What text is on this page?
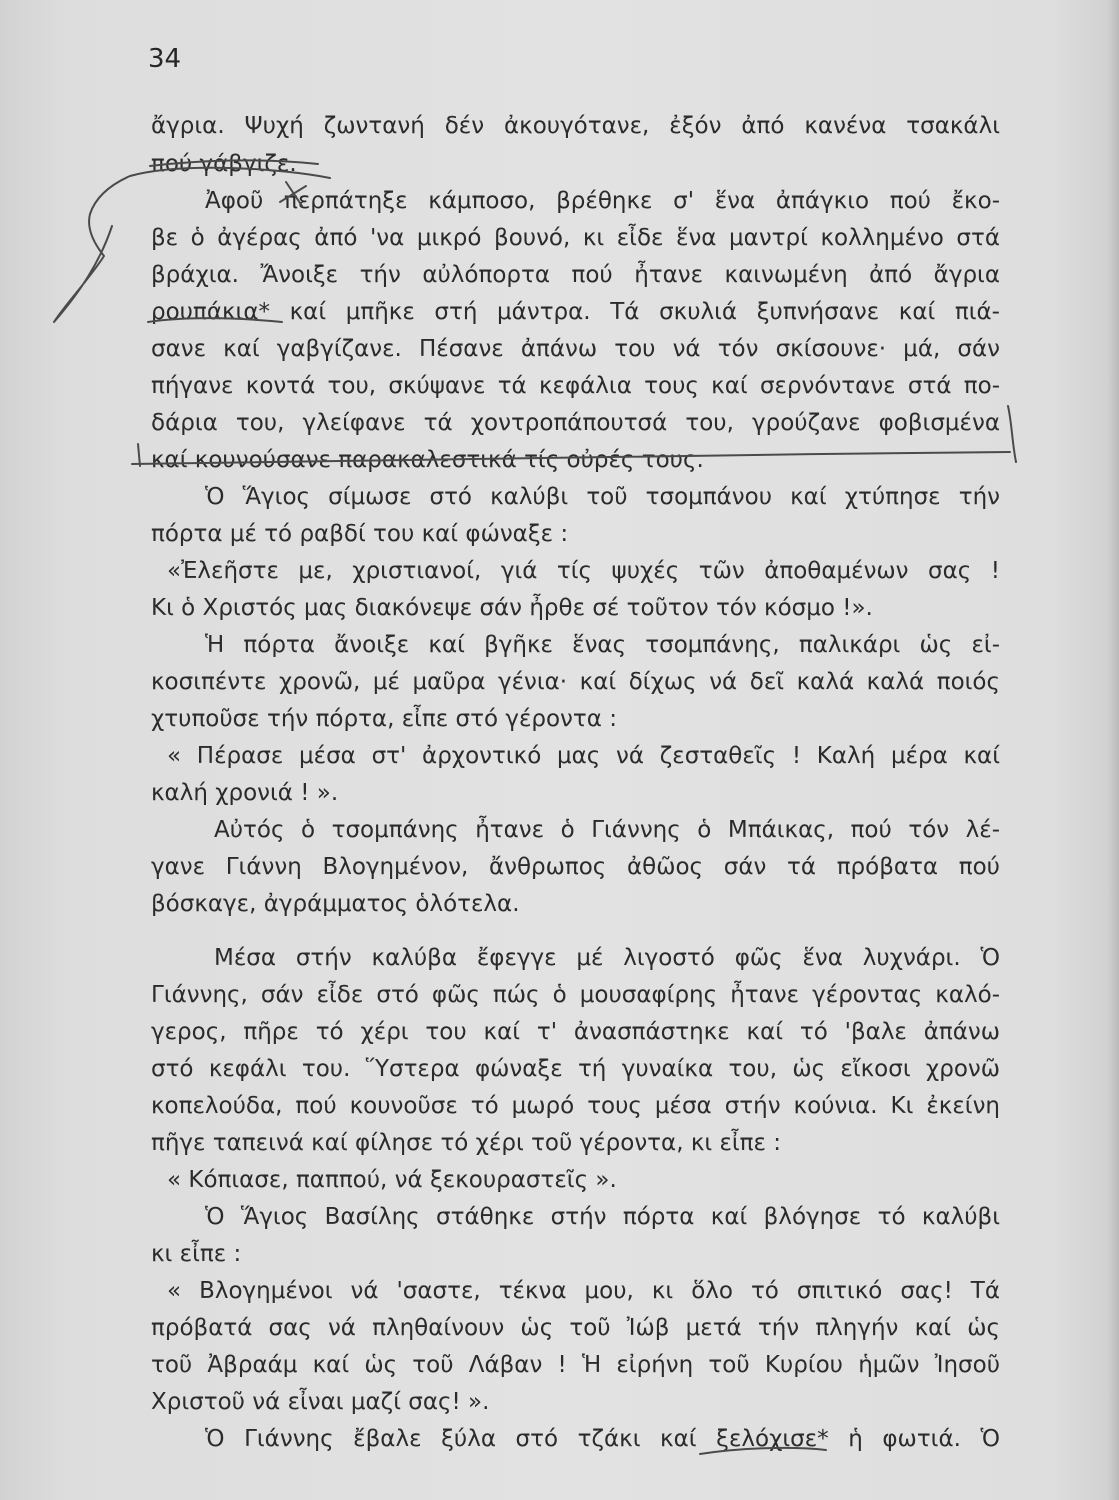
34
ἄγρια. Ψυχή ζωντανή δέν ἀκουγότανε, ἐξόν ἀπό κανένα τσακάλι
πού γάβγιζε.
Ἀφοῦ περπάτηξε κάμποσο, βρέθηκε σ' ἕνα ἀπάγκιο πού ἔκο-
βε ὁ ἀγέρας ἀπό 'να μικρό βουνό, κι εἶδε ἕνα μαντρί κολλημένο στά
βράχια. Ἄνοιξε τήν αὐλόπορτα πού ἦτανε καινωμένη ἀπό ἄγρια
ρουπάκια* καί μπῆκε στή μάντρα. Τά σκυλιά ξυπνήσανε καί πιά-
σανε καί γαβγίζανε. Πέσανε ἀπάνω του νά τόν σκίσουνε· μά, σάν
πήγανε κοντά του, σκύψανε τά κεφάλια τους καί σερνόντανε στά πο-
δάρια του, γλείφανε τά χοντροπάπουτσά του, γρούζανε φοβισμένα
καί κουνούσανε παρακαλεστικά τίς οὐρές τους.
Ὁ Ἅγιος σίμωσε στό καλύβι τοῦ τσομπάνου καί χτύπησε τήν
πόρτα μέ τό ραβδί του καί φώναξε :
«Ἐλεῆστε με, χριστιανοί, γιά τίς ψυχές τῶν ἀποθαμένων σας !
Κι ὁ Χριστός μας διακόνεψε σάν ἦρθε σέ τοῦτον τόν κόσμο !».
Ἡ πόρτα ἄνοιξε καί βγῆκε ἕνας τσομπάνης, παλικάρι ὡς εἰ-
κοσιπέντε χρονῶ, μέ μαῦρα γένια· καί δίχως νά δεῖ καλά καλά ποιός
χτυποῦσε τήν πόρτα, εἶπε στό γέροντα :
« Πέρασε μέσα στ' ἀρχοντικό μας νά ζεσταθεῖς ! Καλή μέρα καί
καλή χρονιά ! ».
Αὐτός ὁ τσομπάνης ἦτανε ὁ Γιάννης ὁ Μπάικας, πού τόν λέ-
γανε Γιάννη Βλογημένον, ἄνθρωπος ἀθῶος σάν τά πρόβατα πού
βόσκαγε, ἀγράμματος ὁλότελα.
Μέσα στήν καλύβα ἔφεγγε μέ λιγοστό φῶς ἕνα λυχνάρι. Ὁ
Γιάννης, σάν εἶδε στό φῶς πώς ὁ μουσαφίρης ἦτανε γέροντας καλό-
γερος, πῆρε τό χέρι του καί τ' ἀνασπάστηκε καί τό 'βαλε ἀπάνω
στό κεφάλι του. Ὕστερα φώναξε τή γυναίκα του, ὡς εἴκοσι χρονῶ
κοπελούδα, πού κουνοῦσε τό μωρό τους μέσα στήν κούνια. Κι ἐκείνη
πῆγε ταπεινά καί φίλησε τό χέρι τοῦ γέροντα, κι εἶπε :
« Κόπιασε, παππού, νά ξεκουραστεῖς ».
Ὁ Ἅγιος Βασίλης στάθηκε στήν πόρτα καί βλόγησε τό καλύβι
κι εἶπε :
« Βλογημένοι νά 'σαστε, τέκνα μου, κι ὅλο τό σπιτικό σας! Τά
πρόβατά σας νά πληθαίνουν ὡς τοῦ Ἰώβ μετά τήν πληγήν καί ὡς
τοῦ Ἀβραάμ καί ὡς τοῦ Λάβαν ! Ἡ εἰρήνη τοῦ Κυρίου ἡμῶν Ἰησοῦ
Χριστοῦ νά εἶναι μαζί σας! ».
Ὁ Γιάννης ἔβαλε ξύλα στό τζάκι καί ξελόχισε* ἡ φωτιά. Ὁ
